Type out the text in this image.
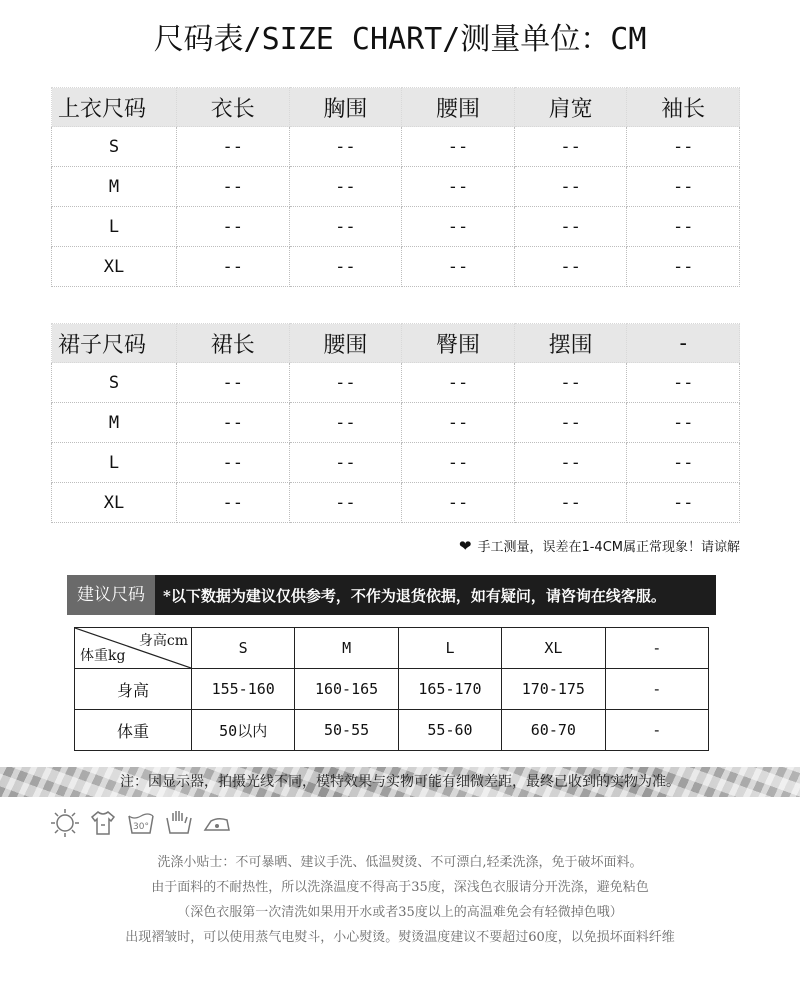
尺码表/SIZE CHART/测量单位：CM
上衣尺码	衣长	胸围	腰围	肩宽	袖长
S	--	--	--	--	--
M	--	--	--	--	--
L	--	--	--	--	--
XL	--	--	--	--	--
裙子尺码	裙长	腰围	臀围	摆围	-
S	--	--	--	--	--
M	--	--	--	--	--
L	--	--	--	--	--
XL	--	--	--	--	--
❤ 手工测量，误差在1-4CM属正常现象！请谅解
建议尺码	*以下数据为建议仅供参考，不作为退货依据，如有疑问，请咨询在线客服。
身高cm
体重kg	S	M	L	XL	-
身高	155-160	160-165	165-170	170-175	-
体重	50以内	50-55	55-60	60-70	-
注：因显示器，拍摄光线不同，模特效果与实物可能有细微差距，最终已收到的实物为准。
30°
洗涤小贴士：不可暴晒、建议手洗、低温熨烫、不可漂白,轻柔洗涤，免于破坏面料。
由于面料的不耐热性，所以洗涤温度不得高于35度，深浅色衣服请分开洗涤，避免粘色
（深色衣服第一次清洗如果用开水或者35度以上的高温难免会有轻微掉色哦）
出现褶皱时，可以使用蒸气电熨斗，小心熨烫。熨烫温度建议不要超过60度，以免损坏面料纤维
